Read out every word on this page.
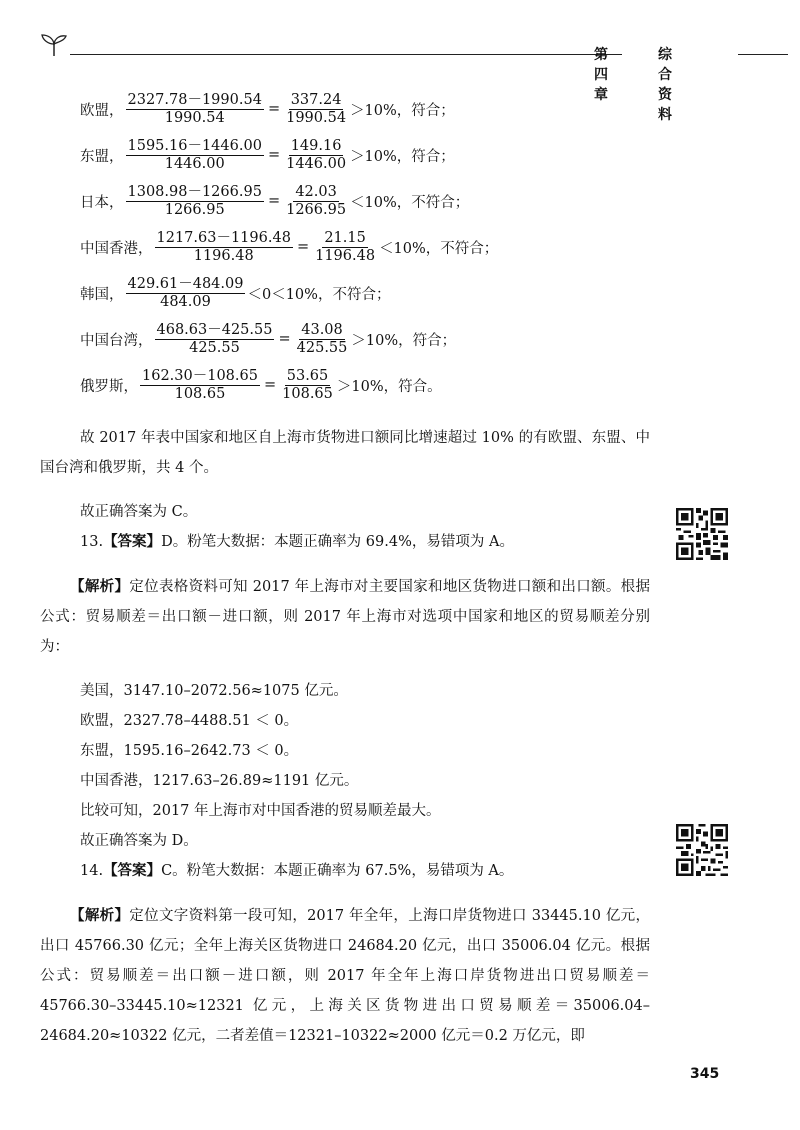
第四章
综合资料
欧盟， $\frac{2327.78-1990.54}{1990.54} = \frac{337.24}{1990.54} >10\%$，符合；
东盟， $\frac{1595.16-1446.00}{1446.00} = \frac{149.16}{1446.00} >10\%$，符合；
日本， $\frac{1308.98-1266.95}{1266.95} = \frac{42.03}{1266.95} <10\%$，不符合；
中国香港， $\frac{1217.63-1196.48}{1196.48} = \frac{21.15}{1196.48} <10\%$，不符合；
韩国， $\frac{429.61-484.09}{484.09} <0<10\%$，不符合；
中国台湾， $\frac{468.63-425.55}{425.55} = \frac{43.08}{425.55} >10\%$，符合；
俄罗斯， $\frac{162.30-108.65}{108.65} = \frac{53.65}{108.65} >10\%$，符合。

故 2017 年表中国家和地区自上海市货物进口额同比增速超过 10% 的有欧盟、东盟、中国台湾和俄罗斯，共 4 个。

故正确答案为 C。

13.【答案】D。粉笔大数据：本题正确率为 69.4%，易错项为 A。

【解析】定位表格资料可知 2017 年上海市对主要国家和地区货物进口额和出口额。根据公式：贸易顺差＝出口额－进口额，则 2017 年上海市对选项中国家和地区的贸易顺差分别为：

美国，3147.10–2072.56≈1075 亿元。

欧盟，2327.78–4488.51 ＜ 0。

东盟，1595.16–2642.73 ＜ 0。

中国香港，1217.63–26.89≈1191 亿元。

比较可知，2017 年上海市对中国香港的贸易顺差最大。

故正确答案为 D。

14.【答案】C。粉笔大数据：本题正确率为 67.5%，易错项为 A。

【解析】定位文字资料第一段可知，2017 年全年，上海口岸货物进口 33445.10 亿元，出口 45766.30 亿元；全年上海关区货物进口 24684.20 亿元，出口 35006.04 亿元。根据公式：贸易顺差＝出口额－进口额，则 2017 年全年上海口岸货物进出口贸易顺差＝45766.30–33445.10≈12321 亿元，上海关区货物进出口贸易顺差＝35006.04–24684.20≈10322 亿元，二者差值＝12321–10322≈2000 亿元＝0.2 万亿元，即

345
